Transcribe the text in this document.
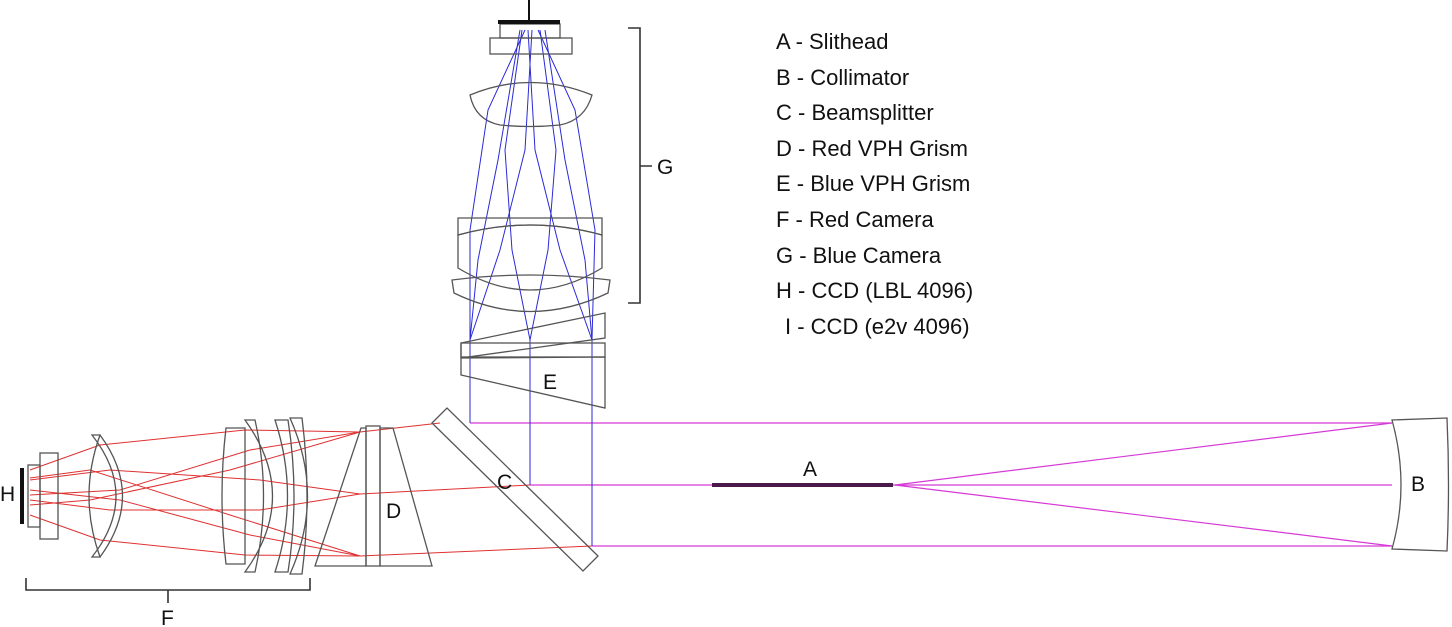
A
B
C
D
E
F
G
H
A - Slithead
B - Collimator
C - Beamsplitter
D - Red VPH Grism
E - Blue VPH Grism
F - Red Camera
G - Blue Camera
H - CCD (LBL 4096)
I - CCD (e2v 4096)
